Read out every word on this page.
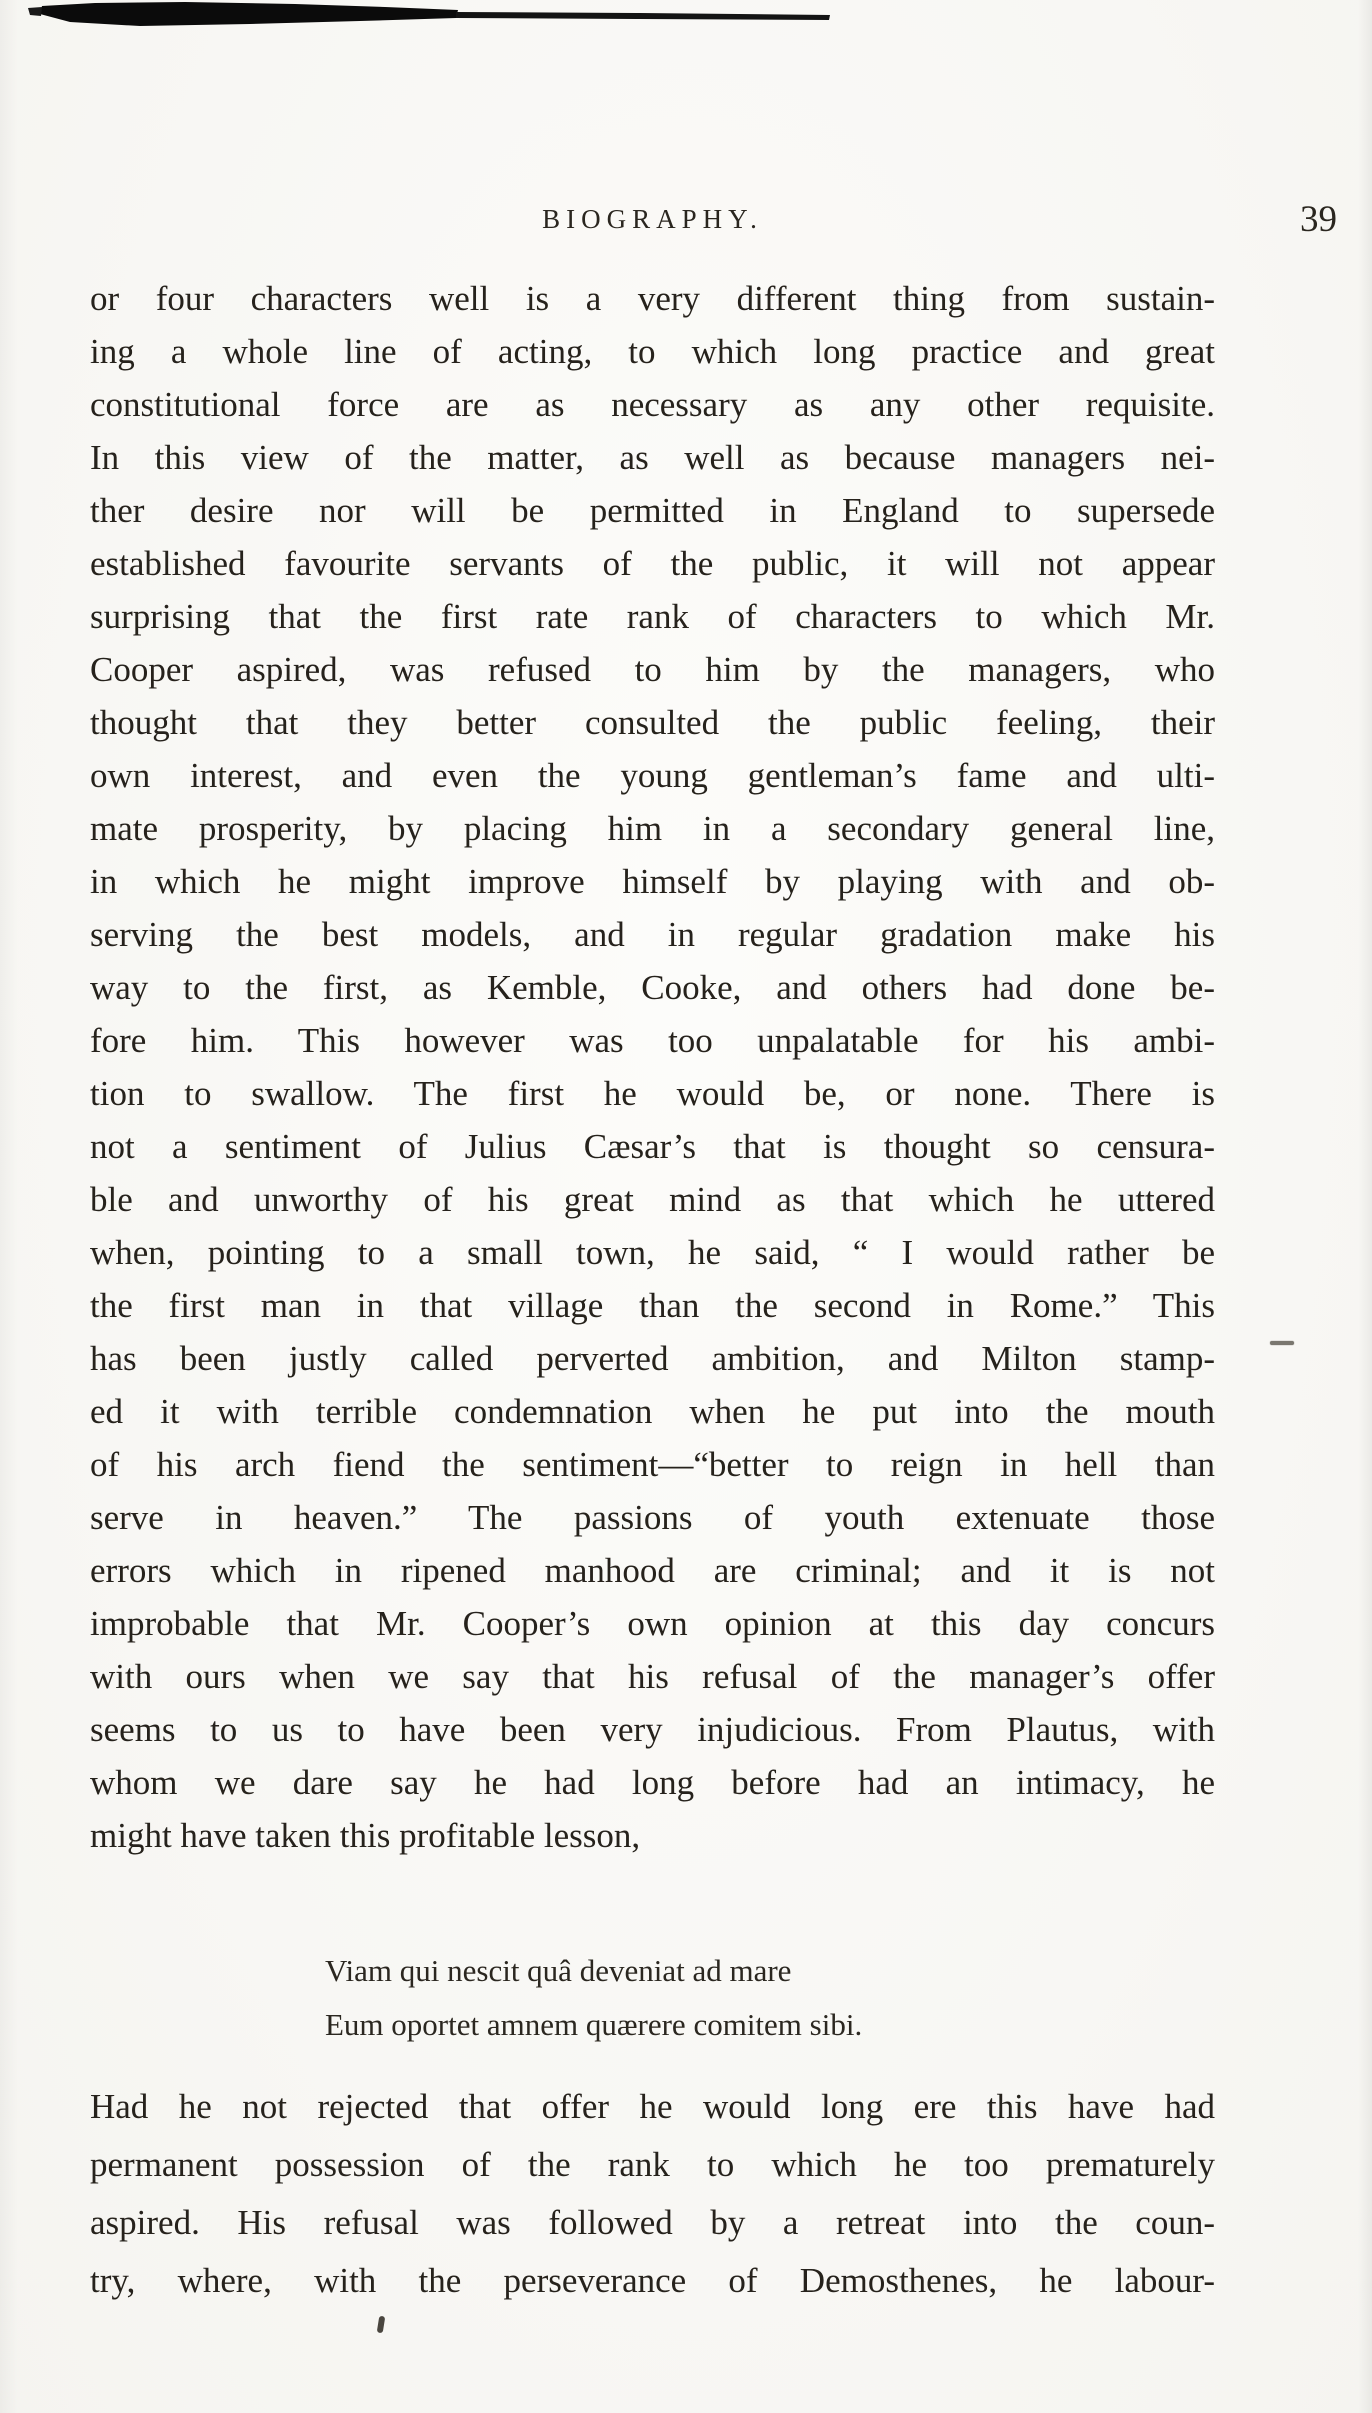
BIOGRAPHY.	39
or four characters well is a very different thing from sustain-
ing a whole line of acting, to which long practice and great
constitutional force are as necessary as any other requisite.
In this view of the matter, as well as because managers nei-
ther desire nor will be permitted in England to supersede
established favourite servants of the public, it will not appear
surprising that the first rate rank of characters to which Mr.
Cooper aspired, was refused to him by the managers, who
thought that they better consulted the public feeling, their
own interest, and even the young gentleman’s fame and ulti-
mate prosperity, by placing him in a secondary general line,
in which he might improve himself by playing with and ob-
serving the best models, and in regular gradation make his
way to the first, as Kemble, Cooke, and others had done be-
fore him. This however was too unpalatable for his ambi-
tion to swallow. The first he would be, or none. There is
not a sentiment of Julius Cæsar’s that is thought so censura-
ble and unworthy of his great mind as that which he uttered
when, pointing to a small town, he said, “ I would rather be
the first man in that village than the second in Rome.” This
has been justly called perverted ambition, and Milton stamp-
ed it with terrible condemnation when he put into the mouth
of his arch fiend the sentiment—“better to reign in hell than
serve in heaven.” The passions of youth extenuate those
errors which in ripened manhood are criminal; and it is not
improbable that Mr. Cooper’s own opinion at this day concurs
with ours when we say that his refusal of the manager’s offer
seems to us to have been very injudicious. From Plautus, with
whom we dare say he had long before had an intimacy, he
might have taken this profitable lesson,
Viam qui nescit quâ deveniat ad mare
Eum oportet amnem quærere comitem sibi.
Had he not rejected that offer he would long ere this have had
permanent possession of the rank to which he too prematurely
aspired. His refusal was followed by a retreat into the coun-
try, where, with the perseverance of Demosthenes, he labour-
